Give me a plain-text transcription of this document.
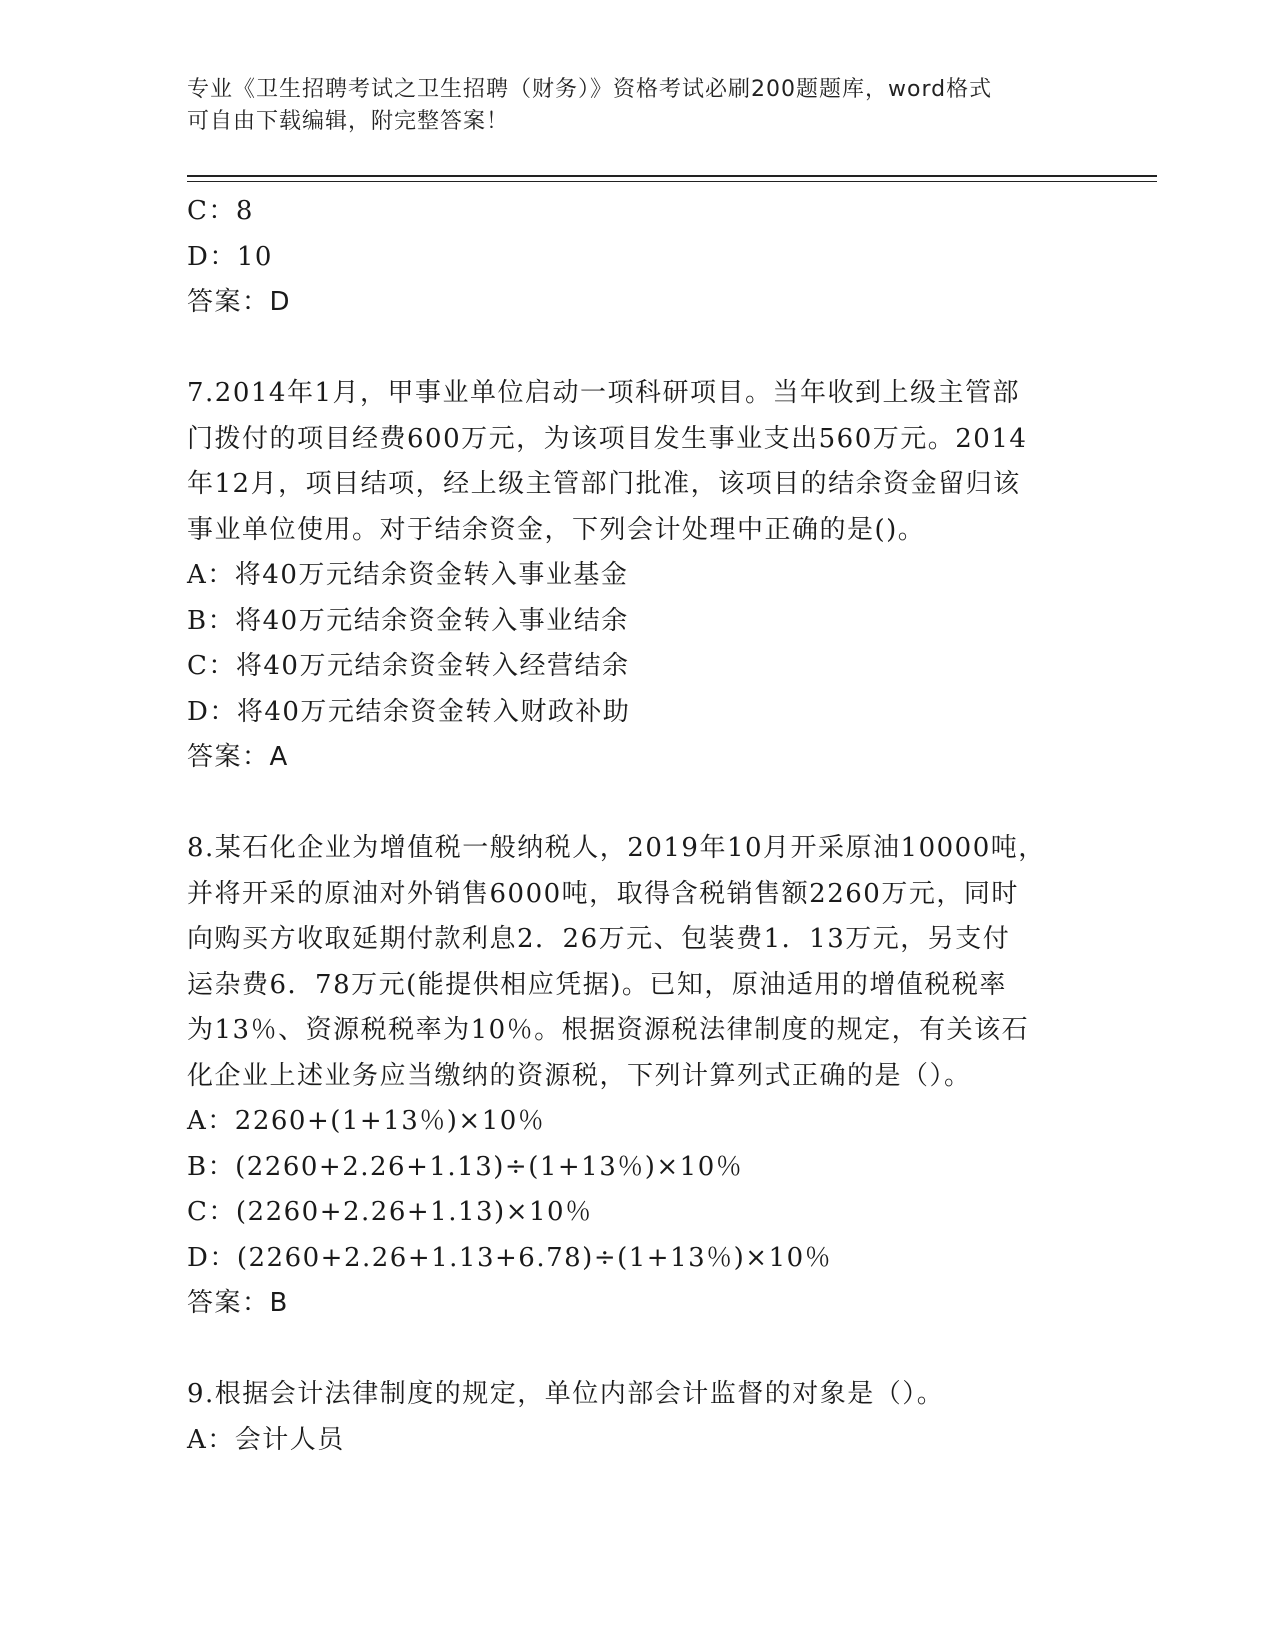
专业《卫生招聘考试之卫生招聘（财务）》资格考试必刷200题题库，word格式
可自由下载编辑，附完整答案！
C：8
D：10
答案：D
7.2014年1月，甲事业单位启动一项科研项目。当年收到上级主管部
门拨付的项目经费600万元，为该项目发生事业支出560万元。2014
年12月，项目结项，经上级主管部门批准，该项目的结余资金留归该
事业单位使用。对于结余资金，下列会计处理中正确的是()。
A：将40万元结余资金转入事业基金
B：将40万元结余资金转入事业结余
C：将40万元结余资金转入经营结余
D：将40万元结余资金转入财政补助
答案：A
8.某石化企业为增值税一般纳税人，2019年10月开采原油10000吨，
并将开采的原油对外销售6000吨，取得含税销售额2260万元，同时
向购买方收取延期付款利息2．26万元、包装费1．13万元，另支付
运杂费6．78万元(能提供相应凭据)。已知，原油适用的增值税税率
为13％、资源税税率为10％。根据资源税法律制度的规定，有关该石
化企业上述业务应当缴纳的资源税，下列计算列式正确的是（）。
A：2260+(1+13％)×10％
B：(2260+2.26+1.13)÷(1+13％)×10％
C：(2260+2.26+1.13)×10％
D：(2260+2.26+1.13+6.78)÷(1+13％)×10％
答案：B
9.根据会计法律制度的规定，单位内部会计监督的对象是（）。
A：会计人员
